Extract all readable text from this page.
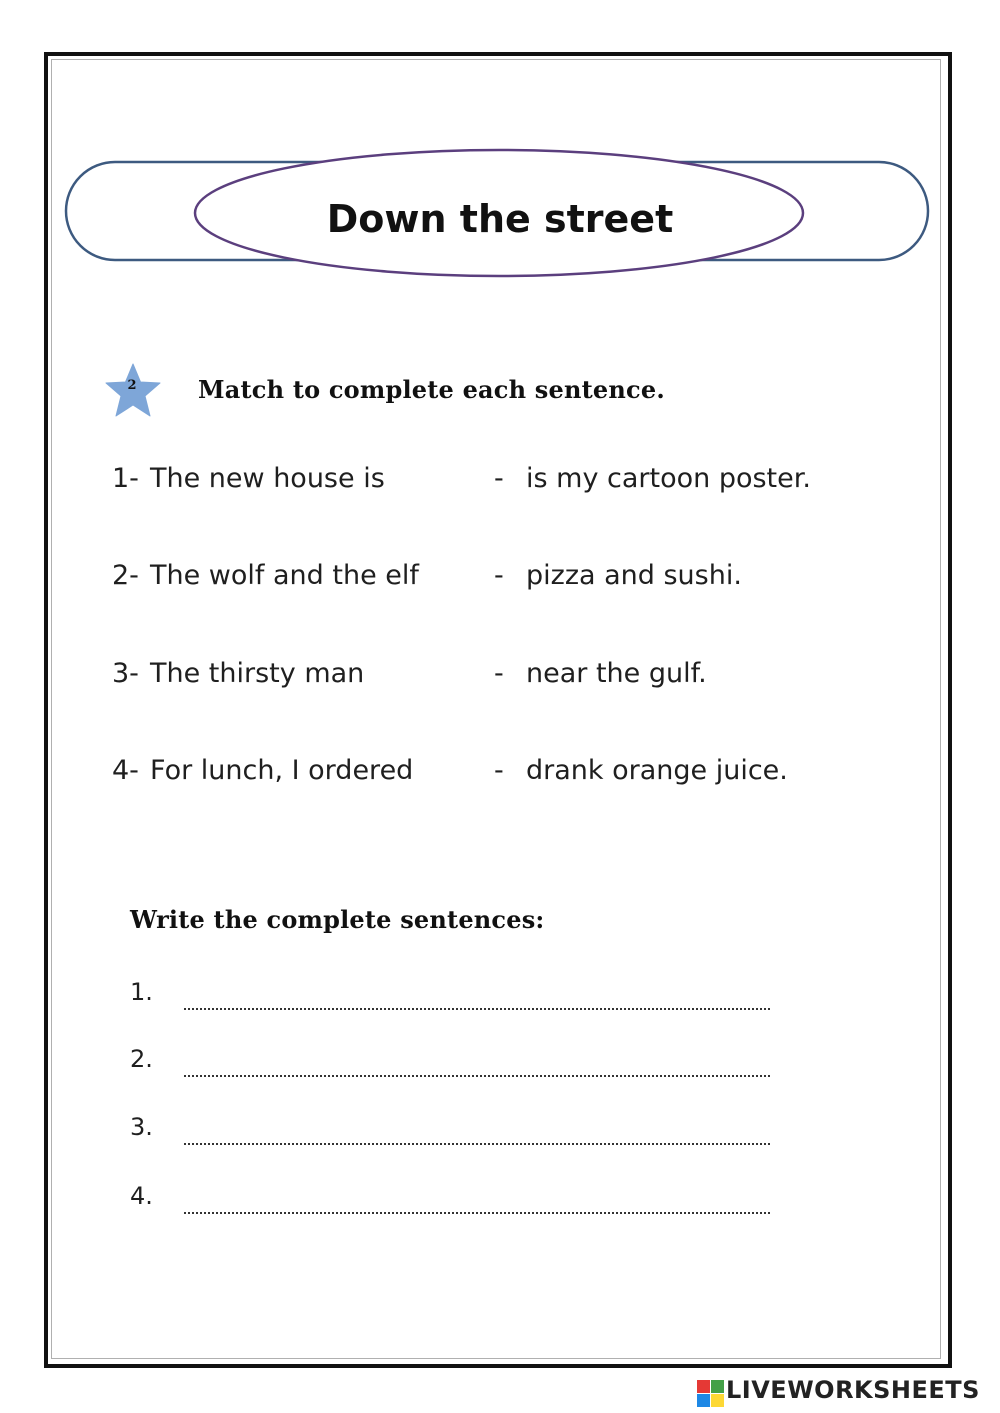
Down the street
2	Match to complete each sentence.
1- The new house is	- is my cartoon poster.
2- The wolf and the elf	- pizza and sushi.
3- The thirsty man	- near the gulf.
4- For lunch, I ordered	- drank orange juice.
Write the complete sentences:
1.
2.
3.
4.
LIVEWORKSHEETS
